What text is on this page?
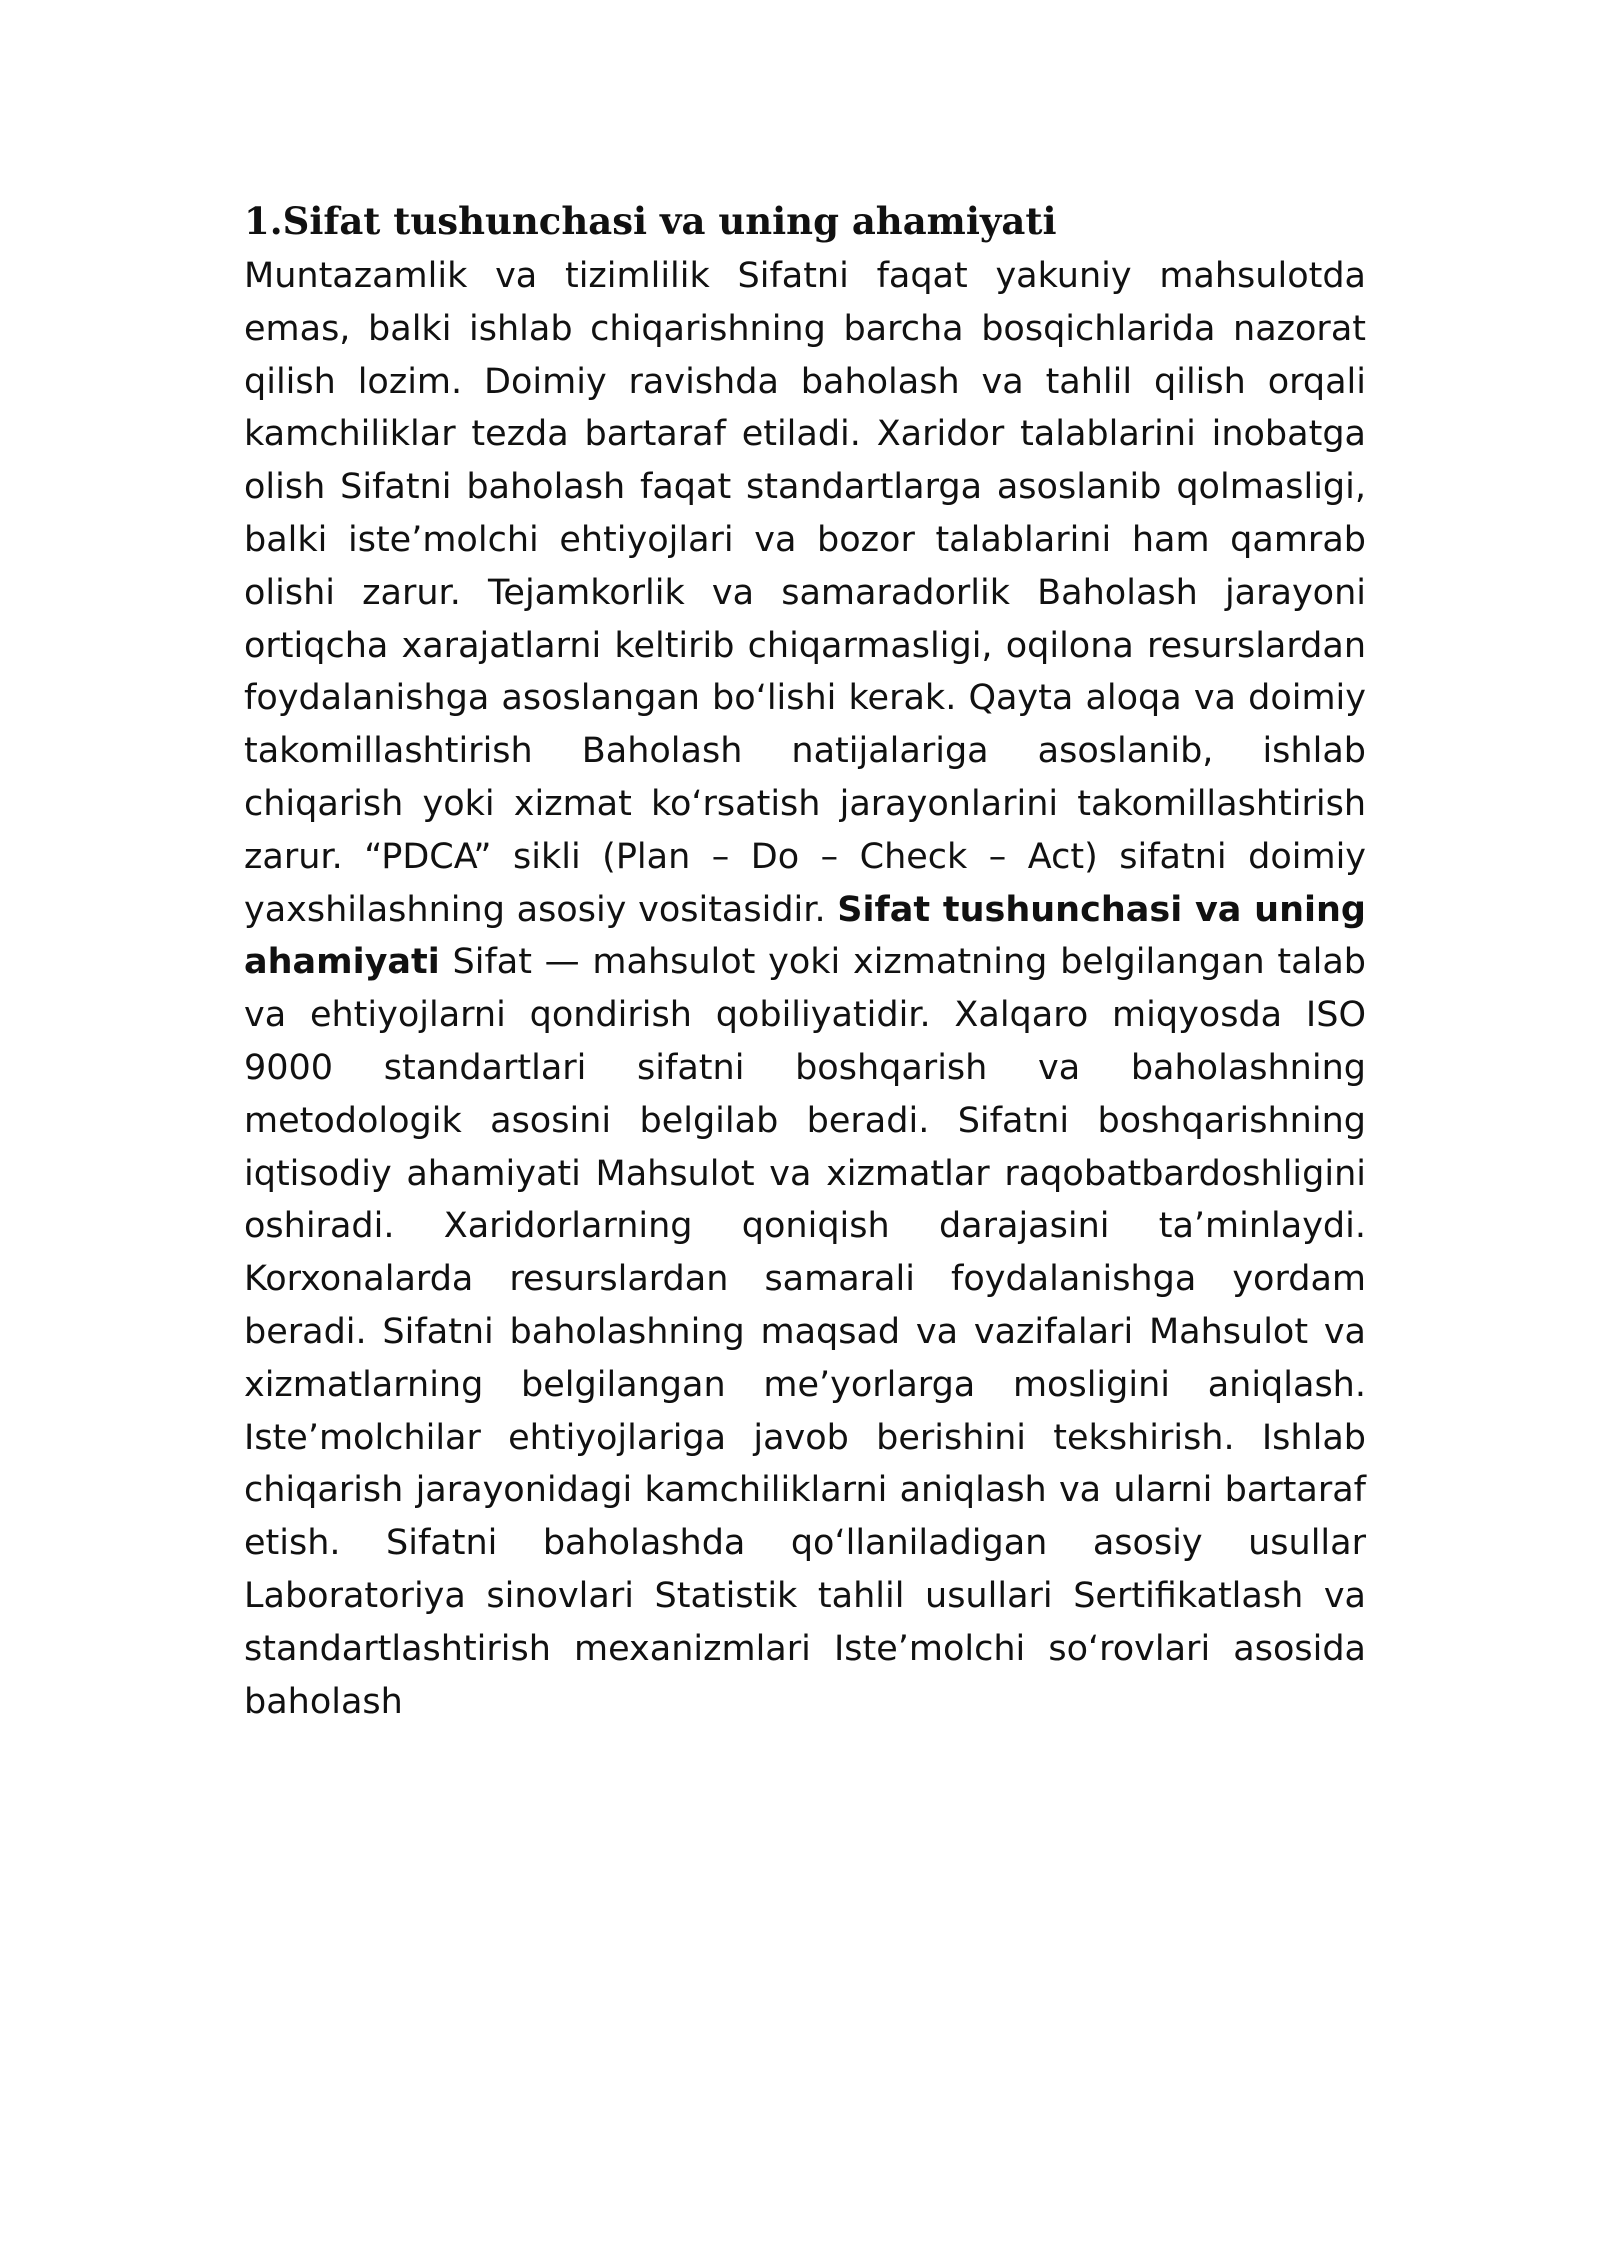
1.Sifat tushunchasi va uning ahamiyati

Muntazamlik va tizimlilik Sifatni faqat yakuniy mahsulotda emas, balki ishlab chiqarishning barcha bosqichlarida nazorat qilish lozim. Doimiy ravishda baholash va tahlil qilish orqali kamchiliklar tezda bartaraf etiladi. Xaridor talablarini inobatga olish Sifatni baholash faqat standartlarga asoslanib qolmasligi, balki iste’molchi ehtiyojlari va bozor talablarini ham qamrab olishi zarur. Tejamkorlik va samaradorlik Baholash jarayoni ortiqcha xarajatlarni keltirib chiqarmasligi, oqilona resurslardan foydalanishga asoslangan bo‘lishi kerak. Qayta aloqa va doimiy takomillashtirish Baholash natijalariga asoslanib, ishlab chiqarish yoki xizmat ko‘rsatish jarayonlarini takomillashtirish zarur. “PDCA” sikli (Plan – Do – Check – Act) sifatni doimiy yaxshilashning asosiy vositasidir. Sifat tushunchasi va uning ahamiyati Sifat — mahsulot yoki xizmatning belgilangan talab va ehtiyojlarni qondirish qobiliyatidir. Xalqaro miqyosda ISO 9000 standartlari sifatni boshqarish va baholashning metodologik asosini belgilab beradi. Sifatni boshqarishning iqtisodiy ahamiyati Mahsulot va xizmatlar raqobatbardoshligini oshiradi. Xaridorlarning qoniqish darajasini ta’minlaydi. Korxonalarda resurslardan samarali foydalanishga yordam beradi. Sifatni baholashning maqsad va vazifalari Mahsulot va xizmatlarning belgilangan me’yorlarga mosligini aniqlash. Iste’molchilar ehtiyojlariga javob berishini tekshirish. Ishlab chiqarish jarayonidagi kamchiliklarni aniqlash va ularni bartaraf etish. Sifatni baholashda qo‘llaniladigan asosiy usullar Laboratoriya sinovlari Statistik tahlil usullari Sertifikatlash va standartlashtirish mexanizmlari Iste’molchi so‘rovlari asosida baholash
